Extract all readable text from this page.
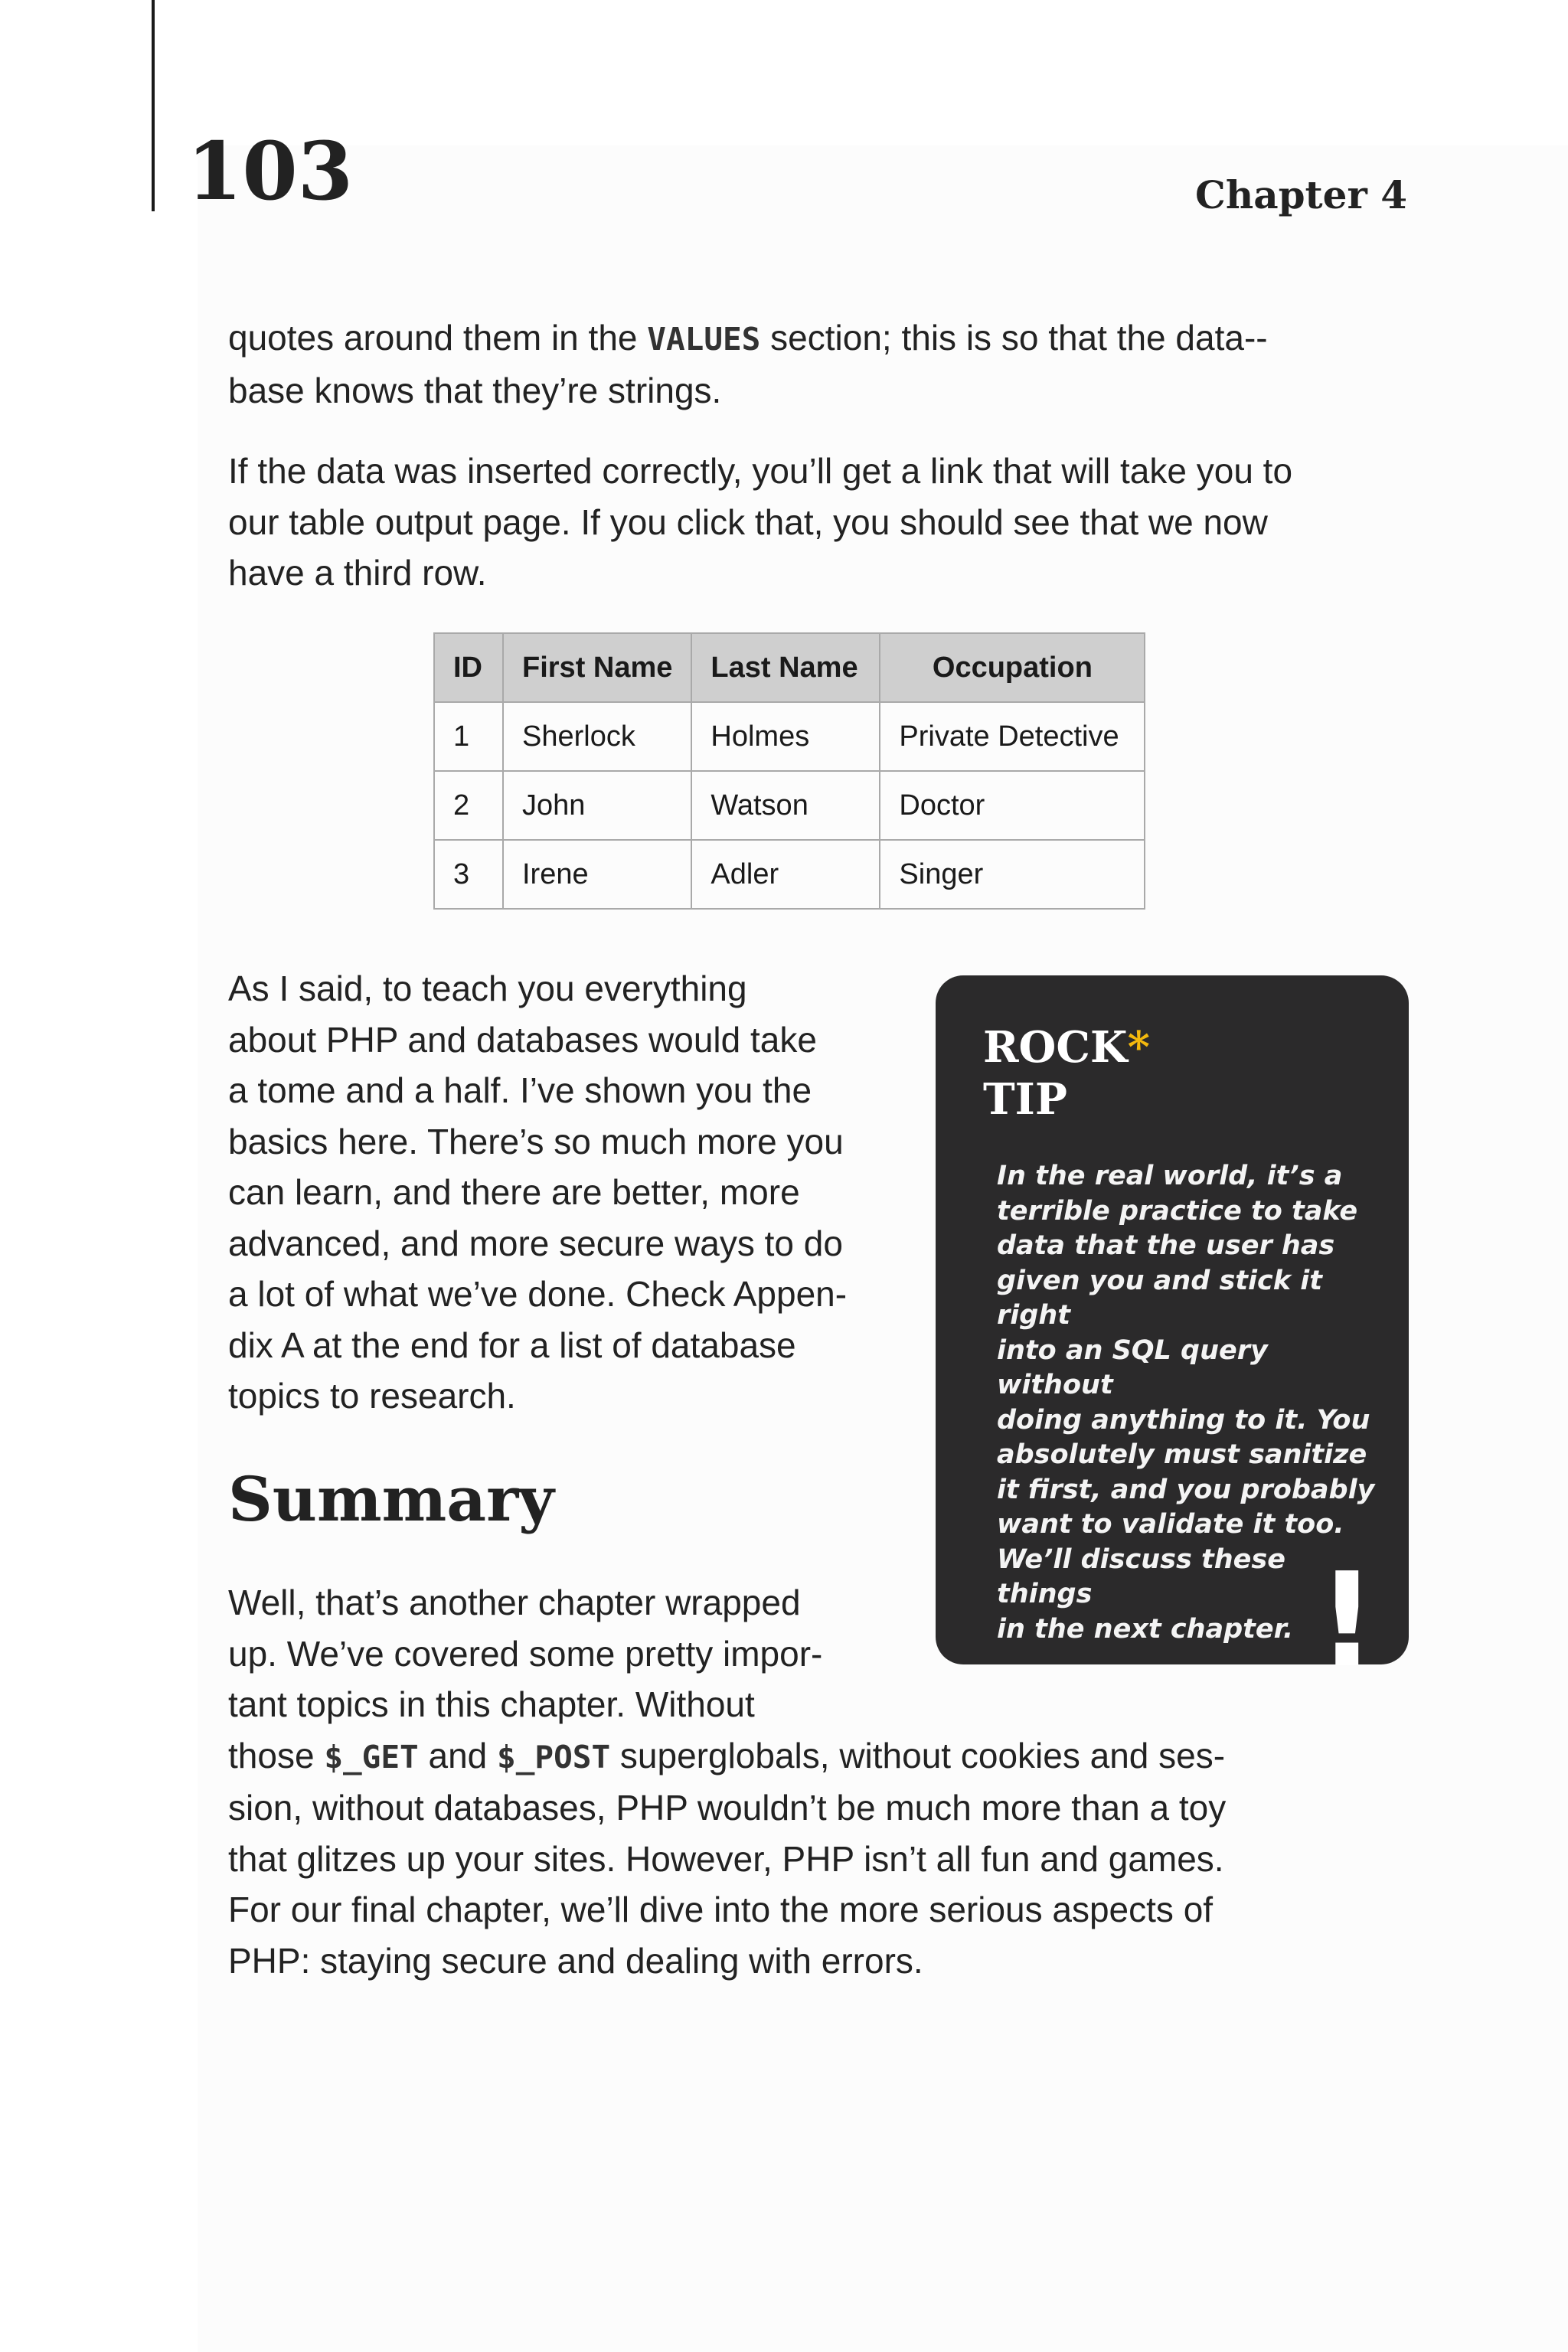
103	Chapter 4

quotes around them in the VALUES section; this is so that the data-base knows that they’re strings.

If the data was inserted correctly, you’ll get a link that will take you to our table output page. If you click that, you should see that we now have a third row.

ID	First Name	Last Name	Occupation
1	Sherlock	Holmes	Private Detective
2	John	Watson	Doctor
3	Irene	Adler	Singer

As I said, to teach you everything
about PHP and databases would take
a tome and a half. I’ve shown you the
basics here. There’s so much more you
can learn, and there are better, more
advanced, and more secure ways to do
a lot of what we’ve done. Check Appen-
dix A at the end for a list of database
topics to research.

Summary

Well, that’s another chapter wrapped
up. We’ve covered some pretty impor-
tant topics in this chapter. Without
those $_GET and $_POST superglobals, without cookies and ses-
sion, without databases, PHP wouldn’t be much more than a toy
that glitzes up your sites. However, PHP isn’t all fun and games.
For our final chapter, we’ll dive into the more serious aspects of
PHP: staying secure and dealing with errors.

ROCK*
TIP

In the real world, it’s a
terrible practice to take
data that the user has
given you and stick it right
into an SQL query without
doing anything to it. You
absolutely must sanitize
it first, and you probably
want to validate it too.
We’ll discuss these things
in the next chapter. !
